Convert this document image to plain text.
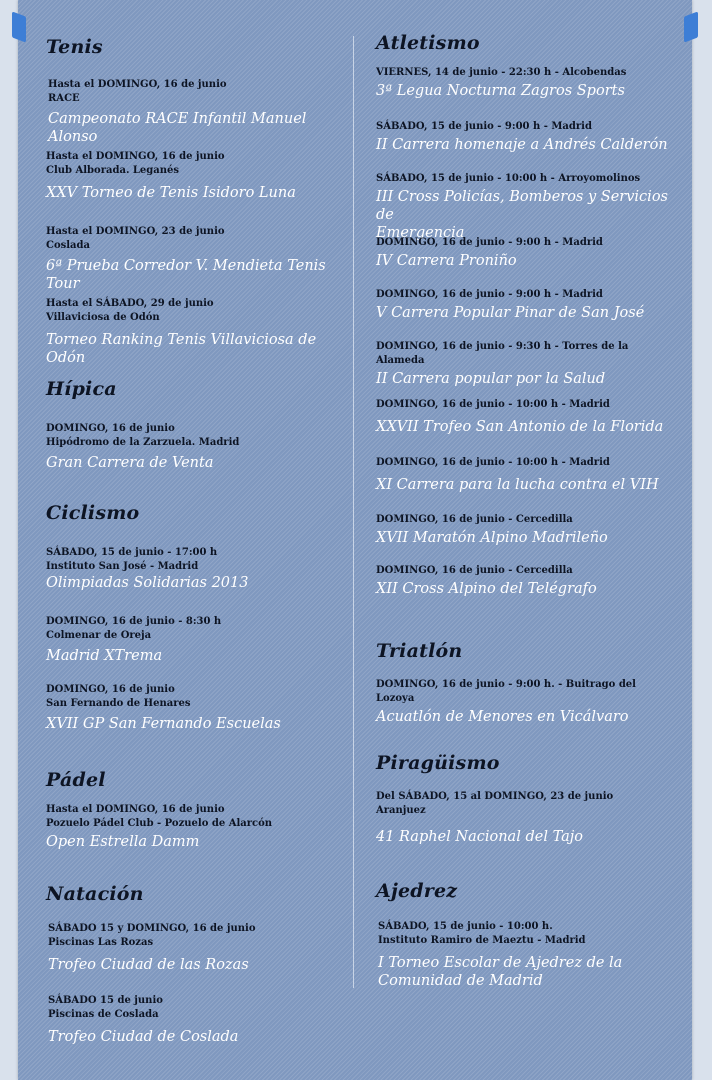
Tenis
Hasta el DOMINGO, 16 de junio
RACE
Campeonato RACE Infantil Manuel Alonso
Hasta el DOMINGO, 16 de junio
Club Alborada. Leganés
XXV Torneo de Tenis Isidoro Luna
Hasta el DOMINGO, 23 de junio
Coslada
6ª Prueba Corredor V. Mendieta Tenis Tour
Hasta el SÁBADO, 29 de junio
Villaviciosa de Odón
Torneo Ranking Tenis Villaviciosa de Odón
Hípica
DOMINGO, 16 de junio
Hipódromo de la Zarzuela. Madrid
Gran Carrera de Venta
Ciclismo
SÁBADO, 15 de junio - 17:00 h
Instituto San José - Madrid
Olimpiadas Solidarias 2013
DOMINGO, 16 de junio - 8:30 h
Colmenar de Oreja
Madrid XTrema
DOMINGO, 16 de junio
San Fernando de Henares
XVII GP San Fernando Escuelas
Pádel
Hasta el DOMINGO, 16 de junio
Pozuelo Pádel Club - Pozuelo de Alarcón
Open Estrella Damm
Natación
SÁBADO 15 y DOMINGO, 16 de junio
Piscinas Las Rozas
Trofeo Ciudad de las Rozas
SÁBADO 15 de junio
Piscinas de Coslada
Trofeo Ciudad de Coslada
Atletismo
VIERNES, 14 de junio - 22:30 h - Alcobendas
3ª Legua Nocturna Zagros Sports
SÁBADO, 15 de junio - 9:00 h - Madrid
II Carrera homenaje a Andrés Calderón
SÁBADO, 15 de junio - 10:00 h - Arroyomolinos
III Cross Policías, Bomberos y Servicios de
Emergencia
DOMINGO, 16 de junio - 9:00 h - Madrid
IV Carrera Proniño
DOMINGO, 16 de junio - 9:00 h - Madrid
V Carrera Popular Pinar de San José
DOMINGO, 16 de junio - 9:30 h - Torres de la Alameda
II Carrera popular por la Salud
DOMINGO, 16 de junio - 10:00 h - Madrid
XXVII Trofeo San Antonio de la Florida
DOMINGO, 16 de junio - 10:00 h - Madrid
XI Carrera para la lucha contra el VIH
DOMINGO, 16 de junio - Cercedilla
XVII Maratón Alpino Madrileño
DOMINGO, 16 de junio - Cercedilla
XII Cross Alpino del Telégrafo
Triatlón
DOMINGO, 16 de junio - 9:00 h. - Buitrago del Lozoya
Acuatlón de Menores en Vicálvaro
Piragüismo
Del SÁBADO, 15 al DOMINGO, 23 de junio
Aranjuez
41 Raphel Nacional del Tajo
Ajedrez
SÁBADO, 15 de junio - 10:00 h.
Instituto Ramiro de Maeztu - Madrid
I Torneo Escolar de Ajedrez de la
Comunidad de Madrid
